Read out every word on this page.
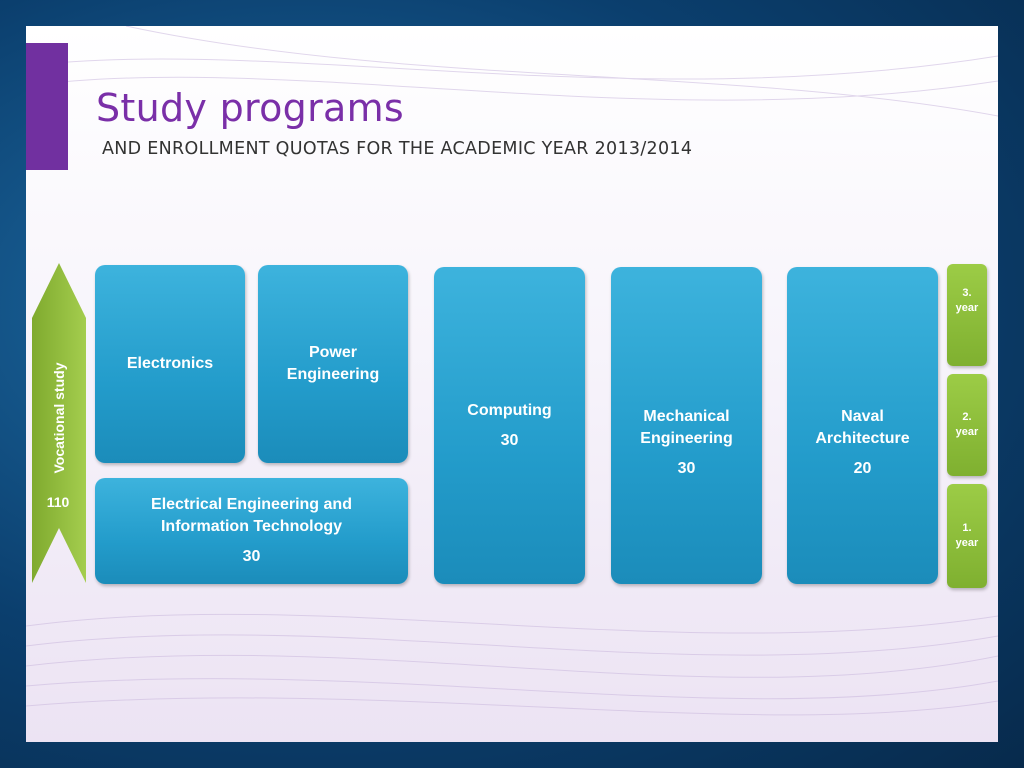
Study programs

AND ENROLLMENT QUOTAS FOR THE ACADEMIC YEAR 2013/2014

Vocational study
110
Electronics
Power Engineering
Electrical Engineering and Information Technology
30
Computing
30
Mechanical Engineering
30
Naval Architecture
20
3. year
2. year
1. year
